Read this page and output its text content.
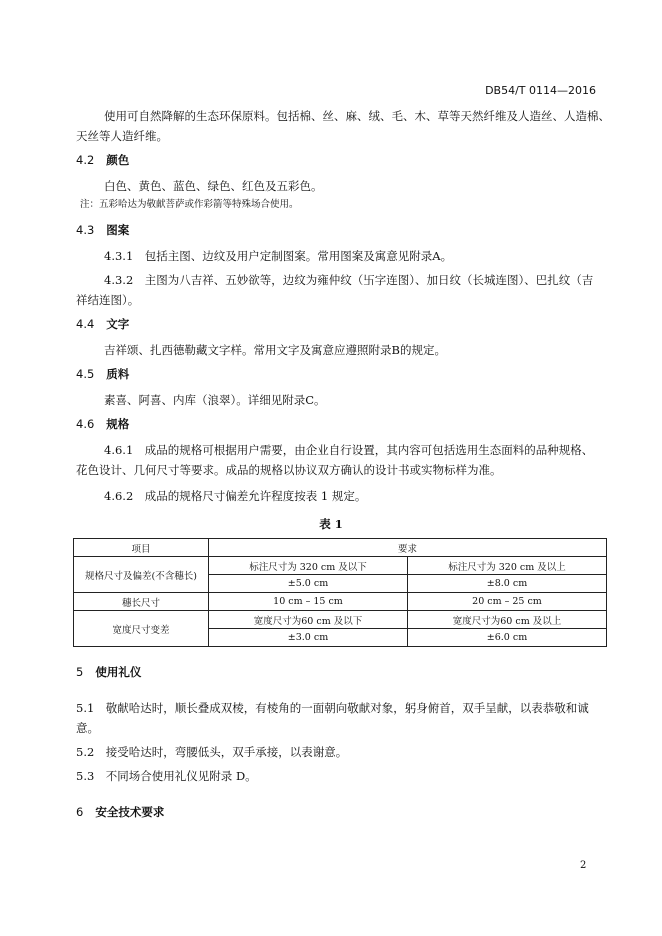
DB54/T 0114—2016
使用可自然降解的生态环保原料。包括棉、丝、麻、绒、毛、木、草等天然纤维及人造丝、人造棉、
天丝等人造纤维。
4.2 颜色
白色、黄色、蓝色、绿色、红色及五彩色。
注：五彩哈达为敬献菩萨或作彩箭等特殊场合使用。
4.3 图案
4.3.1　包括主图、边纹及用户定制图案。常用图案及寓意见附录A。
4.3.2　主图为八吉祥、五妙欲等，边纹为雍仲纹（卐字连图）、加日纹（长城连图）、巴扎纹（吉
祥结连图）。
4.4 文字
吉祥颂、扎西德勒藏文字样。常用文字及寓意应遵照附录B的规定。
4.5 质料
素喜、阿喜、内库（浪翠）。详细见附录C。
4.6 规格
4.6.1　成品的规格可根据用户需要，由企业自行设置，其内容可包括选用生态面料的品种规格、
花色设计、几何尺寸等要求。成品的规格以协议双方确认的设计书或实物标样为准。
4.6.2　成品的规格尺寸偏差允许程度按表 1 规定。
表 1
项目	要求	
规格尺寸及偏差(不含穗长)	标注尺寸为 320 cm 及以下	标注尺寸为 320 cm 及以上
	±5.0 cm	±8.0 cm
穗长尺寸	10 cm – 15 cm	20 cm – 25 cm
宽度尺寸变差	宽度尺寸为60 cm 及以下	宽度尺寸为60 cm 及以上
	±3.0 cm	±6.0 cm
5 使用礼仪
5.1　敬献哈达时，顺长叠成双棱，有棱角的一面朝向敬献对象，躬身俯首，双手呈献，以表恭敬和诚
意。
5.2　接受哈达时，弯腰低头，双手承接，以表谢意。
5.3　不同场合使用礼仪见附录 D。
6 安全技术要求
2
